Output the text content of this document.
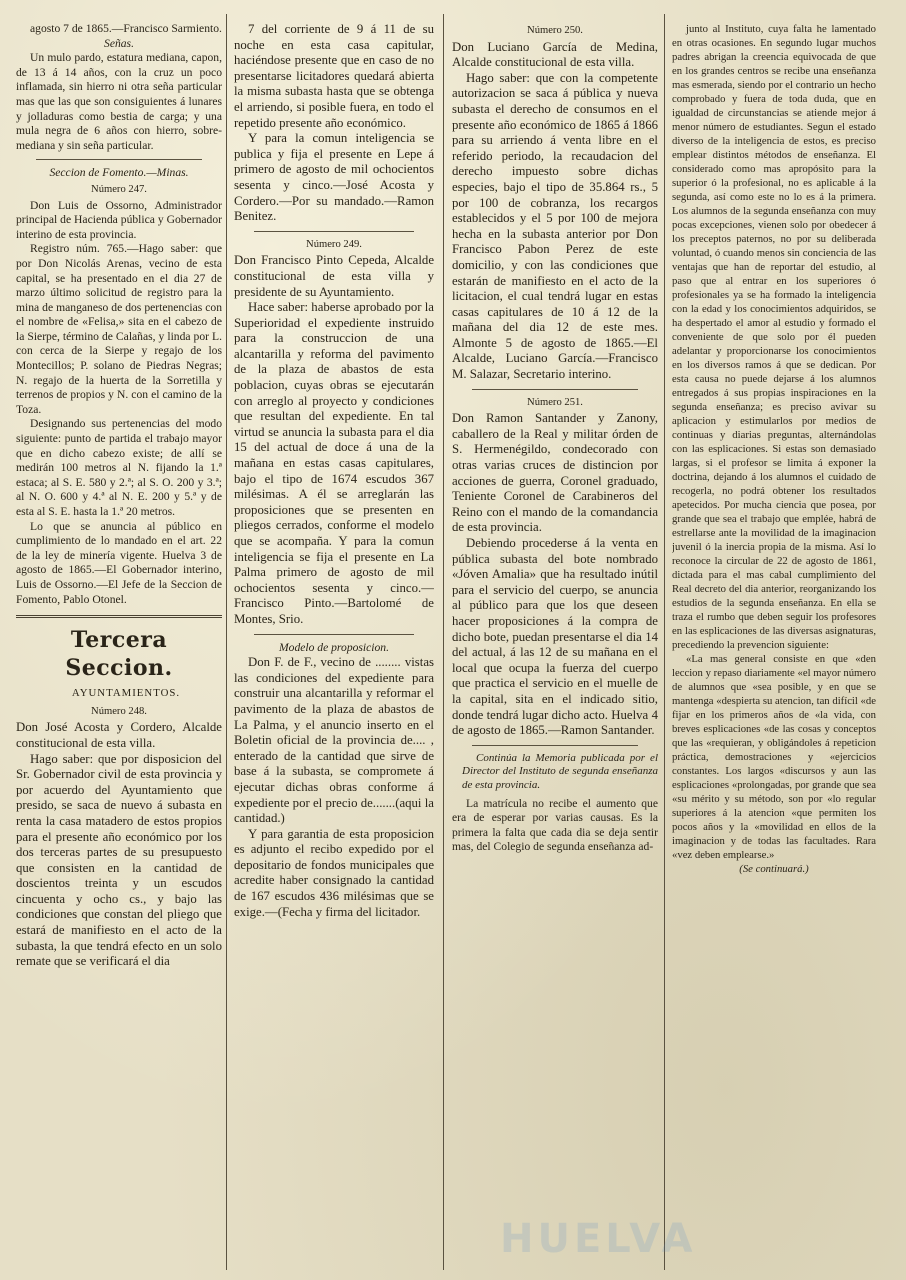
agosto 7 de 1865.—Francisco Sarmiento.

Señas.

Un mulo pardo, estatura mediana, capon, de 13 á 14 años, con la cruz un poco inflamada, sin hierro ni otra seña particular mas que las que son consiguientes á lunares y jolladuras como bestia de carga; y una mula negra de 6 años con hierro, sobre-mediana y sin seña particular.

Seccion de Fomento.—Minas.

Número 247.

Don Luis de Ossorno, Administrador principal de Hacienda pública y Gobernador interino de esta provincia.

Registro núm. 765.—Hago saber: que por Don Nicolás Arenas, vecino de esta capital, se ha presentado en el dia 27 de marzo último solicitud de registro para la mina de manganeso de dos pertenencias con el nombre de «Felisa,» sita en el cabezo de la Sierpe, término de Calañas, y linda por L. con cerca de la Sierpe y regajo de los Montecillos; P. solano de Piedras Negras; N. regajo de la huerta de la Sorretilla y terrenos de propios y N. con el camino de la Toza.

Designando sus pertenencias del modo siguiente: punto de partida el trabajo mayor que en dicho cabezo existe; de allí se medirán 100 metros al N. fijando la 1.ª estaca; al S. E. 580 y 2.ª; al S. O. 200 y 3.ª; al N. O. 600 y 4.ª al N. E. 200 y 5.ª y de esta al S. E. hasta la 1.ª 20 metros.

Lo que se anuncia al público en cumplimiento de lo mandado en el art. 22 de la ley de minería vigente. Huelva 3 de agosto de 1865.—El Gobernador interino, Luis de Ossorno.—El Jefe de la Seccion de Fomento, Pablo Otonel.

Tercera Seccion.

AYUNTAMIENTOS.

Número 248.

Don José Acosta y Cordero, Alcalde constitucional de esta villa.

Hago saber: que por disposicion del Sr. Gobernador civil de esta provincia y por acuerdo del Ayuntamiento que presido, se saca de nuevo á subasta en renta la casa matadero de estos propios para el presente año económico por los dos terceras partes de su presupuesto que consisten en la cantidad de doscientos treinta y un escudos cincuenta y ocho cs., y bajo las condiciones que constan del pliego que estará de manifiesto en el acto de la subasta, la que tendrá efecto en un solo remate que se verificará el dia

7 del corriente de 9 á 11 de su noche en esta casa capitular, haciéndose presente que en caso de no presentarse licitadores quedará abierta la misma subasta hasta que se obtenga el arriendo, si posible fuera, en todo el repetido presente año económico.

Y para la comun inteligencia se publica y fija el presente en Lepe á primero de agosto de mil ochocientos sesenta y cinco.—José Acosta y Cordero.—Por su mandado.—Ramon Benitez.

Número 249.

Don Francisco Pinto Cepeda, Alcalde constitucional de esta villa y presidente de su Ayuntamiento.

Hace saber: haberse aprobado por la Superioridad el expediente instruido para la construccion de una alcantarilla y reforma del pavimento de la plaza de abastos de esta poblacion, cuyas obras se ejecutarán con arreglo al proyecto y condiciones que resultan del expediente. En tal virtud se anuncia la subasta para el dia 15 del actual de doce á una de la mañana en estas casas capitulares, bajo el tipo de 1674 escudos 367 milésimas. A él se arreglarán las proposiciones que se presenten en pliegos cerrados, conforme el modelo que se acompaña. Y para la comun inteligencia se fija el presente en La Palma primero de agosto de mil ochocientos sesenta y cinco.—Francisco Pinto.—Bartolomé de Montes, Srio.

Modelo de proposicion.

Don F. de F., vecino de ........ vistas las condiciones del expediente para construir una alcantarilla y reformar el pavimento de la plaza de abastos de La Palma, y el anuncio inserto en el Boletin oficial de la provincia de.... , enterado de la cantidad que sirve de base á la subasta, se compromete á ejecutar dichas obras conforme á expediente por el precio de.......(aqui la cantidad.)

Y para garantia de esta proposicion es adjunto el recibo expedido por el depositario de fondos municipales que acredite haber consignado la cantidad de 167 escudos 436 milésimas que se exige.—(Fecha y firma del licitador.

Número 250.

Don Luciano García de Medina, Alcalde constitucional de esta villa.

Hago saber: que con la competente autorizacion se saca á pública y nueva subasta el derecho de consumos en el presente año económico de 1865 á 1866 para su arriendo á venta libre en el referido periodo, la recaudacion del derecho impuesto sobre dichas especies, bajo el tipo de 35.864 rs., 5 por 100 de cobranza, los recargos establecidos y el 5 por 100 de mejora hecha en la subasta anterior por Don Francisco Pabon Perez de este domicilio, y con las condiciones que estarán de manifiesto en el acto de la licitacion, el cual tendrá lugar en estas casas capitulares de 10 á 12 de la mañana del dia 12 de este mes. Almonte 5 de agosto de 1865.—El Alcalde, Luciano García.—Francisco M. Salazar, Secretario interino.

Número 251.

Don Ramon Santander y Zanony, caballero de la Real y militar órden de S. Hermenégildo, condecorado con otras varias cruces de distincion por acciones de guerra, Coronel graduado, Teniente Coronel de Carabineros del Reino con el mando de la comandancia de esta provincia.

Debiendo procederse á la venta en pública subasta del bote nombrado «Jóven Amalia» que ha resultado inútil para el servicio del cuerpo, se anuncia al público para que los que deseen hacer proposiciones á la compra de dicho bote, puedan presentarse el dia 14 del actual, á las 12 de su mañana en el local que ocupa la fuerza del cuerpo que practica el servicio en el muelle de la capital, sita en el indicado sitio, donde tendrá lugar dicho acto. Huelva 4 de agosto de 1865.—Ramon Santander.

Continúa la Memoria publicada por el Director del Instituto de segunda enseñanza de esta provincia.

La matrícula no recibe el aumento que era de esperar por varias causas. Es la primera la falta que cada dia se deja sentir mas, del Colegio de segunda enseñanza ad-

junto al Instituto, cuya falta he lamentado en otras ocasiones. En segundo lugar muchos padres abrigan la creencia equivocada de que en los grandes centros se recibe una enseñanza mas esmerada, siendo por el contrario un hecho comprobado y fuera de toda duda, que en igualdad de circunstancias se atiende mejor á menor número de estudiantes. Segun el estado diverso de la inteligencia de estos, es preciso emplear distintos métodos de enseñanza. El considerado como mas apropósito para la superior ó la profesional, no es aplicable á la segunda, así como este no lo es á la primera. Los alumnos de la segunda enseñanza con muy pocas excepciones, vienen solo por obedecer á los preceptos paternos, no por su deliberada voluntad, ó cuando menos sin conciencia de las ventajas que han de reportar del estudio, al paso que al entrar en los superiores ó profesionales ya se ha formado la inteligencia con la edad y los conocimientos adquiridos, se ha despertado el amor al estudio y formado el conveniente de que solo por él pueden adelantar y proporcionarse los conocimientos en los diversos ramos á que se dedican. Por esta causa no puede dejarse á los alumnos entregados á sus propias inspiraciones en la segunda enseñanza; es preciso avivar su aplicacion y estimularlos por medios de continuas y diarias preguntas, alternándolas con las esplicaciones. Si estas son demasiado largas, si el profesor se limita á exponer la doctrina, dejando á los alumnos el cuidado de recogerla, no podrá obtener los resultados apetecidos. Por mucha ciencia que posea, por grande que sea el trabajo que emplée, habrá de estrellarse ante la movilidad de la imaginacion juvenil ó la inercia propia de la misma. Así lo reconoce la circular de 22 de agosto de 1861, dictada para el mas cabal cumplimiento del Real decreto del dia anterior, reorganizando los estudios de la segunda enseñanza. En ella se traza el rumbo que deben seguir los profesores en las esplicaciones de las diversas asignaturas, precediendo la prevencion siguiente:

«La mas general consiste en que «den leccion y repaso diariamente «el mayor número de alumnos que «sea posible, y en que se mantenga «despierta su atencion, tan difícil «de fijar en los primeros años de «la vida, con breves esplicaciones «de las cosas y conceptos que las «requieran, y obligándoles á repeticion práctica, demostraciones y «ejercicios constantes. Los largos «discursos y aun las esplicaciones «prolongadas, por grande que sea «su mérito y su método, son por «lo regular superiores á la atencion «que permiten los pocos años y la «movilidad en ellos de la imaginacion y de todas las facultades. Rara «vez deben emplearse.»

(Se continuará.)

HUELVA
